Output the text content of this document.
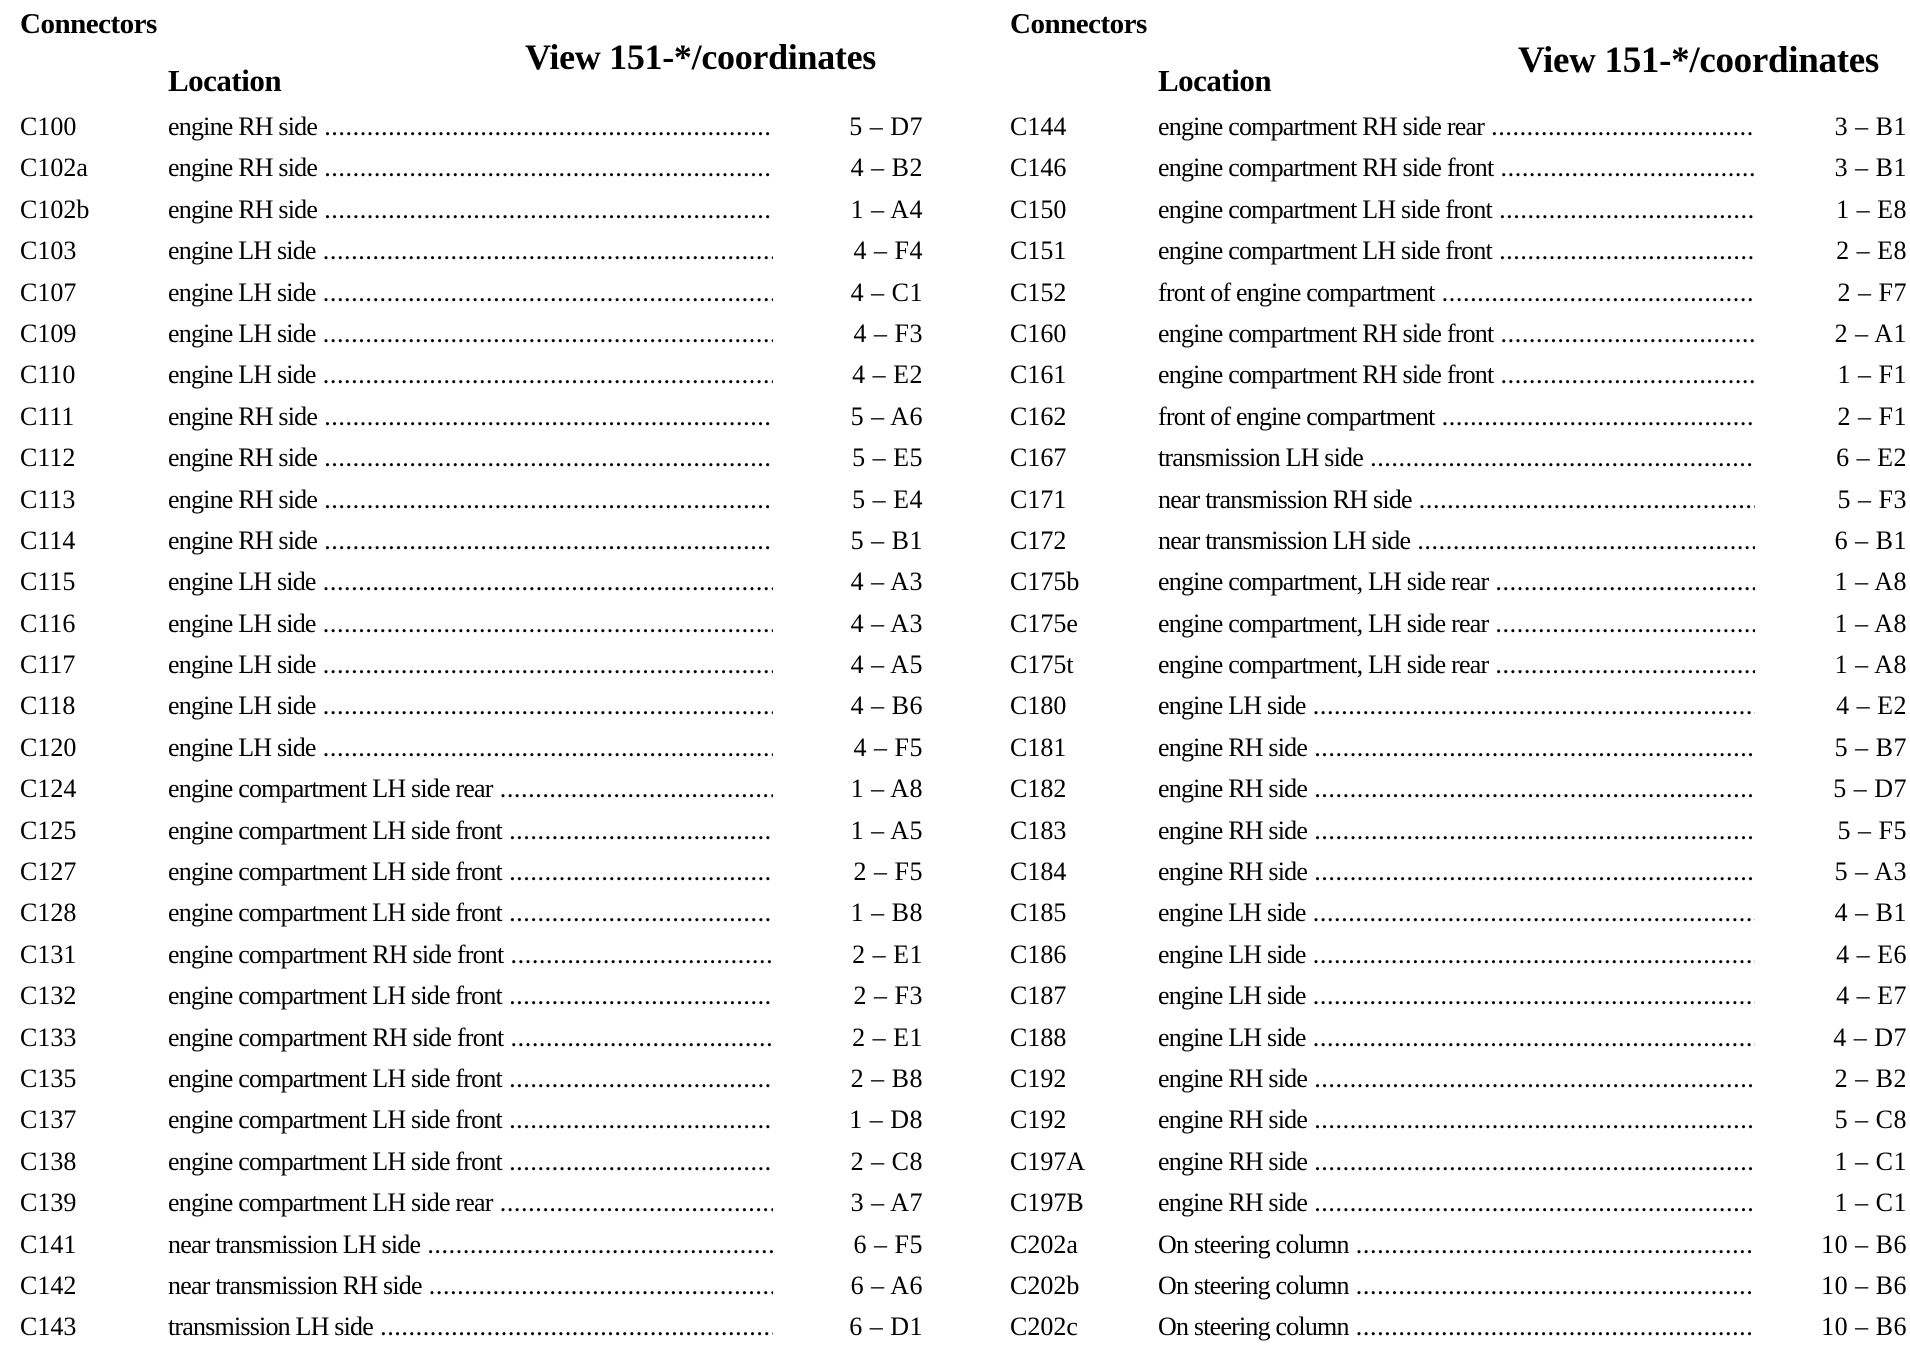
Connectors
Location
View 151-*/coordinates
C100	engine RH side .....	5 – D7
C102a	engine RH side .....	4 – B2
C102b	engine RH side .....	1 – A4
C103	engine LH side .....	4 – F4
C107	engine LH side .....	4 – C1
C109	engine LH side .....	4 – F3
C110	engine LH side .....	4 – E2
C111	engine RH side .....	5 – A6
C112	engine RH side .....	5 – E5
C113	engine RH side .....	5 – E4
C114	engine RH side .....	5 – B1
C115	engine LH side .....	4 – A3
C116	engine LH side .....	4 – A3
C117	engine LH side .....	4 – A5
C118	engine LH side .....	4 – B6
C120	engine LH side .....	4 – F5
C124	engine compartment LH side rear .....	1 – A8
C125	engine compartment LH side front .....	1 – A5
C127	engine compartment LH side front .....	2 – F5
C128	engine compartment LH side front .....	1 – B8
C131	engine compartment RH side front .....	2 – E1
C132	engine compartment LH side front .....	2 – F3
C133	engine compartment RH side front .....	2 – E1
C135	engine compartment LH side front .....	2 – B8
C137	engine compartment LH side front .....	1 – D8
C138	engine compartment LH side front .....	2 – C8
C139	engine compartment LH side rear .....	3 – A7
C141	near transmission LH side .....	6 – F5
C142	near transmission RH side .....	6 – A6
C143	transmission LH side .....	6 – D1
Connectors
Location	View 151-*/coordinates
C144	engine compartment RH side rear .....	3 – B1
C146	engine compartment RH side front .....	3 – B1
C150	engine compartment LH side front .....	1 – E8
C151	engine compartment LH side front .....	2 – E8
C152	front of engine compartment .....	2 – F7
C160	engine compartment RH side front .....	2 – A1
C161	engine compartment RH side front .....	1 – F1
C162	front of engine compartment .....	2 – F1
C167	transmission LH side .....	6 – E2
C171	near transmission RH side .....	5 – F3
C172	near transmission LH side .....	6 – B1
C175b	engine compartment, LH side rear .....	1 – A8
C175e	engine compartment, LH side rear .....	1 – A8
C175t	engine compartment, LH side rear .....	1 – A8
C180	engine LH side .....	4 – E2
C181	engine RH side .....	5 – B7
C182	engine RH side .....	5 – D7
C183	engine RH side .....	5 – F5
C184	engine RH side .....	5 – A3
C185	engine LH side .....	4 – B1
C186	engine LH side .....	4 – E6
C187	engine LH side .....	4 – E7
C188	engine LH side .....	4 – D7
C192	engine RH side .....	2 – B2
C192	engine RH side .....	5 – C8
C197A	engine RH side .....	1 – C1
C197B	engine RH side .....	1 – C1
C202a	On steering column .....	10 – B6
C202b	On steering column .....	10 – B6
C202c	On steering column .....	10 – B6
